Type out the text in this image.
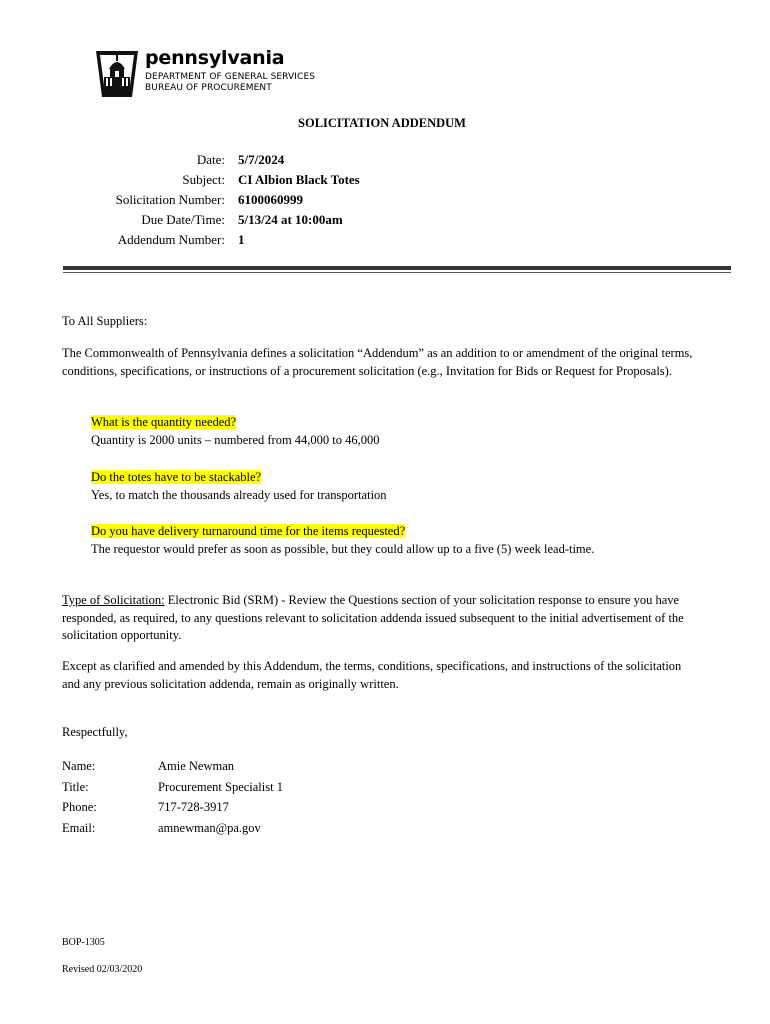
pennsylvania
DEPARTMENT OF GENERAL SERVICES
BUREAU OF PROCUREMENT
SOLICITATION ADDENDUM
Date:	5/7/2024
Subject:	CI Albion Black Totes
Solicitation Number:	6100060999
Due Date/Time:	5/13/24 at 10:00am
Addendum Number:	1
To All Suppliers:
The Commonwealth of Pennsylvania defines a solicitation “Addendum” as an addition to or amendment of the original terms, conditions, specifications, or instructions of a procurement solicitation (e.g., Invitation for Bids or Request for Proposals).
What is the quantity needed?
Quantity is 2000 units – numbered from 44,000 to 46,000
Do the totes have to be stackable?
Yes, to match the thousands already used for transportation
Do you have delivery turnaround time for the items requested?
The requestor would prefer as soon as possible, but they could allow up to a five (5) week lead-time.
Type of Solicitation: Electronic Bid (SRM) - Review the Questions section of your solicitation response to ensure you have responded, as required, to any questions relevant to solicitation addenda issued subsequent to the initial advertisement of the solicitation opportunity.
Except as clarified and amended by this Addendum, the terms, conditions, specifications, and instructions of the solicitation and any previous solicitation addenda, remain as originally written.
Respectfully,
Name:	Amie Newman
Title:	Procurement Specialist 1
Phone:	717-728-3917
Email:	amnewman@pa.gov
BOP-1305
Revised 02/03/2020
